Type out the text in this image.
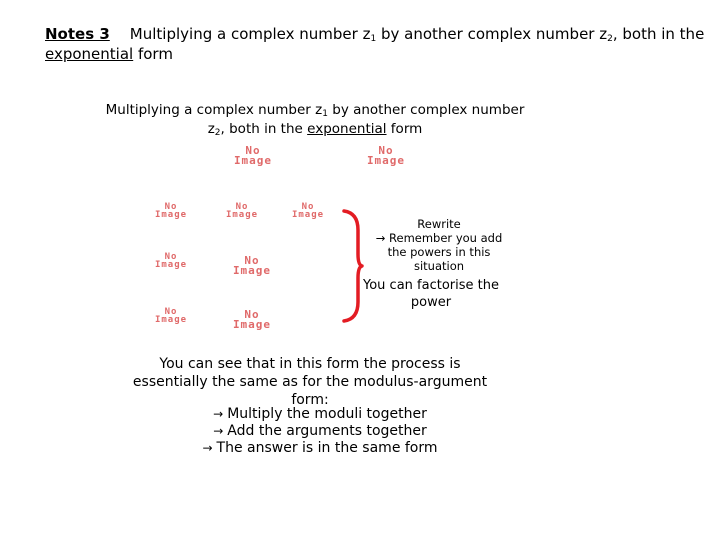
Notes 3 Multiplying a complex number $z_1$ by another complex number $z_2$, both in the exponential form
Multiplying a complex number $z_1$ by another complex number $z_2$, both in the exponential form
No
Image
No
Image
No
Image
No
Image
No
Image
No
Image	No
Image
No
Image	No
Image
Rewrite
→ Remember you add the powers in this situation
You can factorise the power
You can see that in this form the process is essentially the same as for the modulus-argument form:
→ Multiply the moduli together
→ Add the arguments together
→ The answer is in the same form
